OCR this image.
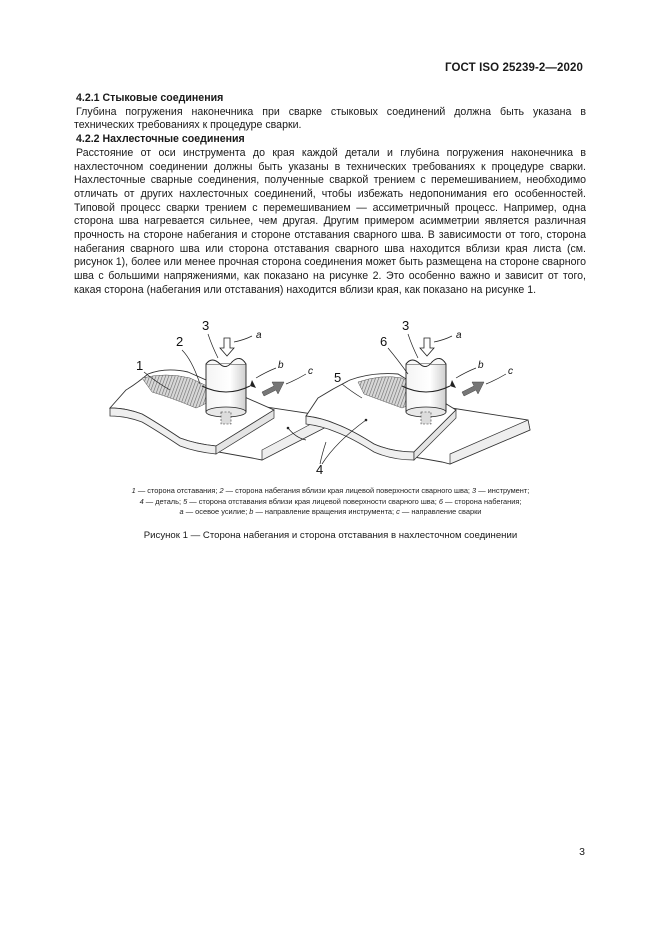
ГОСТ ISO 25239-2—2020

4.2.1 Стыковые соединения

Глубина погружения наконечника при сварке стыковых соединений должна быть указана в технических требованиях к процедуре сварки.

4.2.2 Нахлесточные соединения

Расстояние от оси инструмента до края каждой детали и глубина погружения наконечника в нахлесточном соединении должны быть указаны в технических требованиях к процедуре сварки. Нахлесточные сварные соединения, полученные сваркой трением с перемешиванием, необходимо отличать от других нахлесточных соединений, чтобы избежать недопонимания его особенностей. Типовой процесс сварки трением с перемешиванием — ассиметричный процесс. Например, одна сторона шва нагревается сильнее, чем другая. Другим примером асимметрии является различная прочность на стороне набегания и стороне отставания сварного шва. В зависимости от того, сторона набегания сварного шва или сторона отставания сварного шва находится вблизи края листа (см. рисунок 1), более или менее прочная сторона соединения может быть размещена на стороне сварного шва с большими напряжениями, как показано на рисунке 2. Это особенно важно и зависит от того, какая сторона (набегания или отставания) находится вблизи края, как показано на рисунке 1.

2
3
1
3
6
5
4
a
b
c
a
b
c
1 — сторона отставания; 2 — сторона набегания вблизи края лицевой поверхности сварного шва; 3 — инструмент;
4 — деталь; 5 — сторона отставания вблизи края лицевой поверхности сварного шва; 6 — сторона набегания;
а — осевое усилие; b — направление вращения инструмента; с — направление сварки
Рисунок 1 — Сторона набегания и сторона отставания в нахлесточном соединении
3
